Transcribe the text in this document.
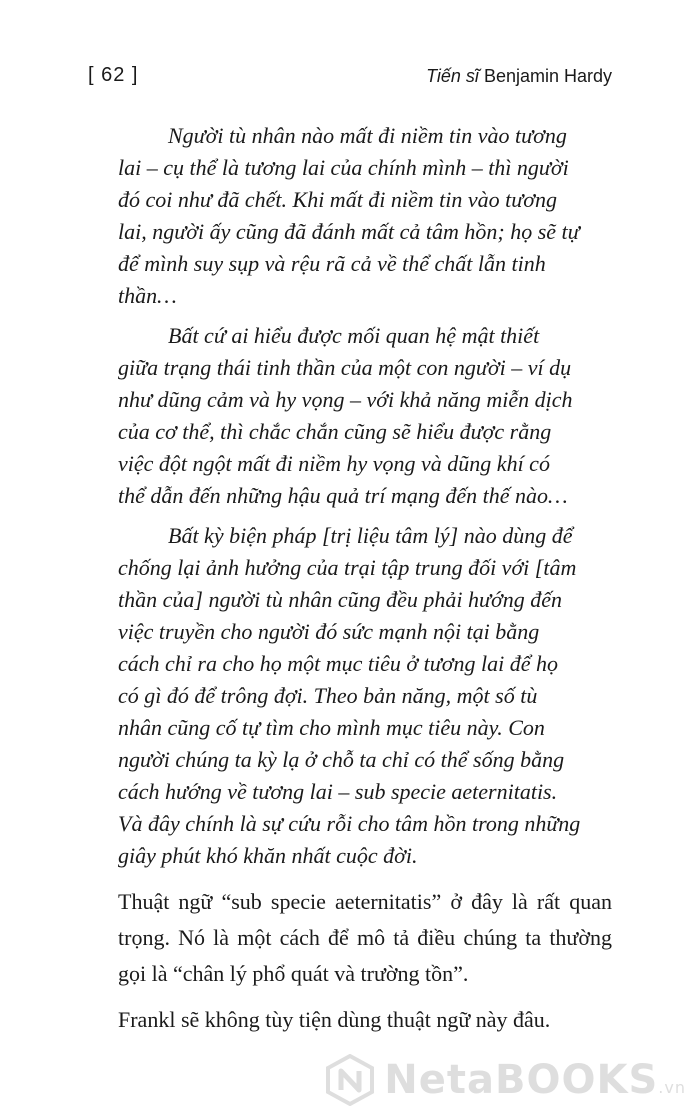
[ 62 ]	Tiến sĩ Benjamin Hardy

Người tù nhân nào mất đi niềm tin vào tương lai – cụ thể là tương lai của chính mình – thì người đó coi như đã chết. Khi mất đi niềm tin vào tương lai, người ấy cũng đã đánh mất cả tâm hồn; họ sẽ tự để mình suy sụp và rệu rã cả về thể chất lẫn tinh thần…

Bất cứ ai hiểu được mối quan hệ mật thiết giữa trạng thái tinh thần của một con người – ví dụ như dũng cảm và hy vọng – với khả năng miễn dịch của cơ thể, thì chắc chắn cũng sẽ hiểu được rằng việc đột ngột mất đi niềm hy vọng và dũng khí có thể dẫn đến những hậu quả trí mạng đến thế nào…

Bất kỳ biện pháp [trị liệu tâm lý] nào dùng để chống lại ảnh hưởng của trại tập trung đối với [tâm thần của] người tù nhân cũng đều phải hướng đến việc truyền cho người đó sức mạnh nội tại bằng cách chỉ ra cho họ một mục tiêu ở tương lai để họ có gì đó để trông đợi. Theo bản năng, một số tù nhân cũng cố tự tìm cho mình mục tiêu này. Con người chúng ta kỳ lạ ở chỗ ta chỉ có thể sống bằng cách hướng về tương lai – sub specie aeternitatis. Và đây chính là sự cứu rỗi cho tâm hồn trong những giây phút khó khăn nhất cuộc đời.

Thuật ngữ “sub specie aeternitatis” ở đây là rất quan trọng. Nó là một cách để mô tả điều chúng ta thường gọi là “chân lý phổ quát và trường tồn”.

Frankl sẽ không tùy tiện dùng thuật ngữ này đâu.

NetaBOOKS.vn
